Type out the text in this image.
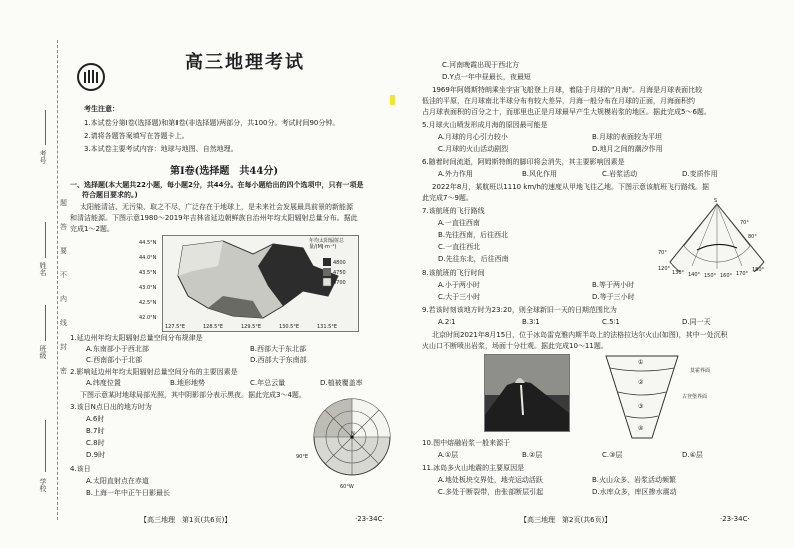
考号
姓名
班级
学校
题
答
要
不
内
线
封
密
高三地理考试
考生注意：
1.本试卷分第Ⅰ卷(选择题)和第Ⅱ卷(非选择题)两部分，共100分。考试时间90分钟。
2.请将各题答案填写在答题卡上。
3.本试卷主要考试内容：地球与地图、自然地理。
第Ⅰ卷(选择题　共44分)
一、选择题(本大题共22小题，每小题2分，共44分。在每小题给出的四个选项中，只有一项是
符合题目要求的。)
太阳能清洁、无污染、取之不尽，广泛存在于地球上，是未来社会发展最具前景的新能源
和清洁能源。下图示意1980～2019年吉林省延边朝鲜族自治州年均太阳辐射总量分布。据此
完成1～2题。
年均太阳辐射总量/(MJ·m⁻²)
4800
4750
4700
44.5°N
44.0°N
43.5°N
43.0°N
42.5°N
42.0°N
127.5°E	128.5°E	129.5°E	130.5°E	131.5°E
1.延边州年均太阳辐射总量空间分布规律是
A.东南部小于西北部	B.西部大于东北部
C.西南部小于北部	D.西部大于东南部
2.影响延边州年均太阳辐射总量空间分布的主要因素是
A.纬度位置	B.地形地势	C.年总云量	D.植被覆盖率
下图示意某时地球局部光照，其中阴影部分表示黑夜。据此完成3～4题。
3.该日N点日出的地方时为
A.6时
B.7时
C.8时
D.9时
4.该日
A.太阳直射点在赤道
B.上海一年中正午日影最长
N
90°E
60°W
C.河南晚霞出现于西北方
D.Y点一年中昼最长，夜最短
1969年阿姆斯特朗乘坐宇宙飞船登上月球，着陆于月球的“月海”。月海是月球表面比较
低洼的平原，在月球南北半球分布有较大差异，月海一般分布在月球的正面，月海面积约
占月球表面积的百分之十，而那里也正是月球最早产生大规模岩浆的地区。据此完成5～6题。
5.月球火山喷发形成月海的原因最可能是
A.月球的月心引力较小	B.月球的表面较为平坦
C.月球的火山活动剧烈	D.地月之间的潮汐作用
6.随着时间流逝，阿姆斯特朗的脚印将会消失，其主要影响因素是
A.外力作用	B.风化作用	C.岩浆活动	D.变质作用
2022年8月，某航班以1110 km/h的速度从甲地飞往乙地。下图示意该航班飞行路线。据
此完成7～9题。
7.该航班的飞行路线
A.一直往西南
B.先往西南，后往西北
C.一直往西北
D.先往东北，后往西南
S
70°
80°
70°
120°
130° 140° 150° 160° 170°
180°
8.该航班的飞行时间
A.小于两小时	B.等于两小时
C.大于三小时	D.等于三小时
9.若该时刻该地方时为23:20，则全球新旧一天的日期范围比为
A.2∶1	B.3∶1	C.5∶1	D.同一天
北京时间2021年8月15日，位于冰岛雷克雅内斯半岛上的法格拉达尔火山(如图)，其中一处沉积
火山口不断喷出岩浆，场面十分壮观。据此完成10～11题。
莫霍界面
古登堡界面
①
②
③
④
10.图中熔融岩浆一般来源于
A.①层	B.②层	C.③层	D.④层
11.冰岛多火山地震的主要原因是
A.地处板块交界处，地壳运动活跃	B.火山众多，岩浆活动频繁
C.多处于断裂带，由张部断层引起	D.水库众多，库区掺水震动
【高三地理　第1页(共6页)】	·23-34C·	【高三地理　第2页(共6页)】	·23-34C·
